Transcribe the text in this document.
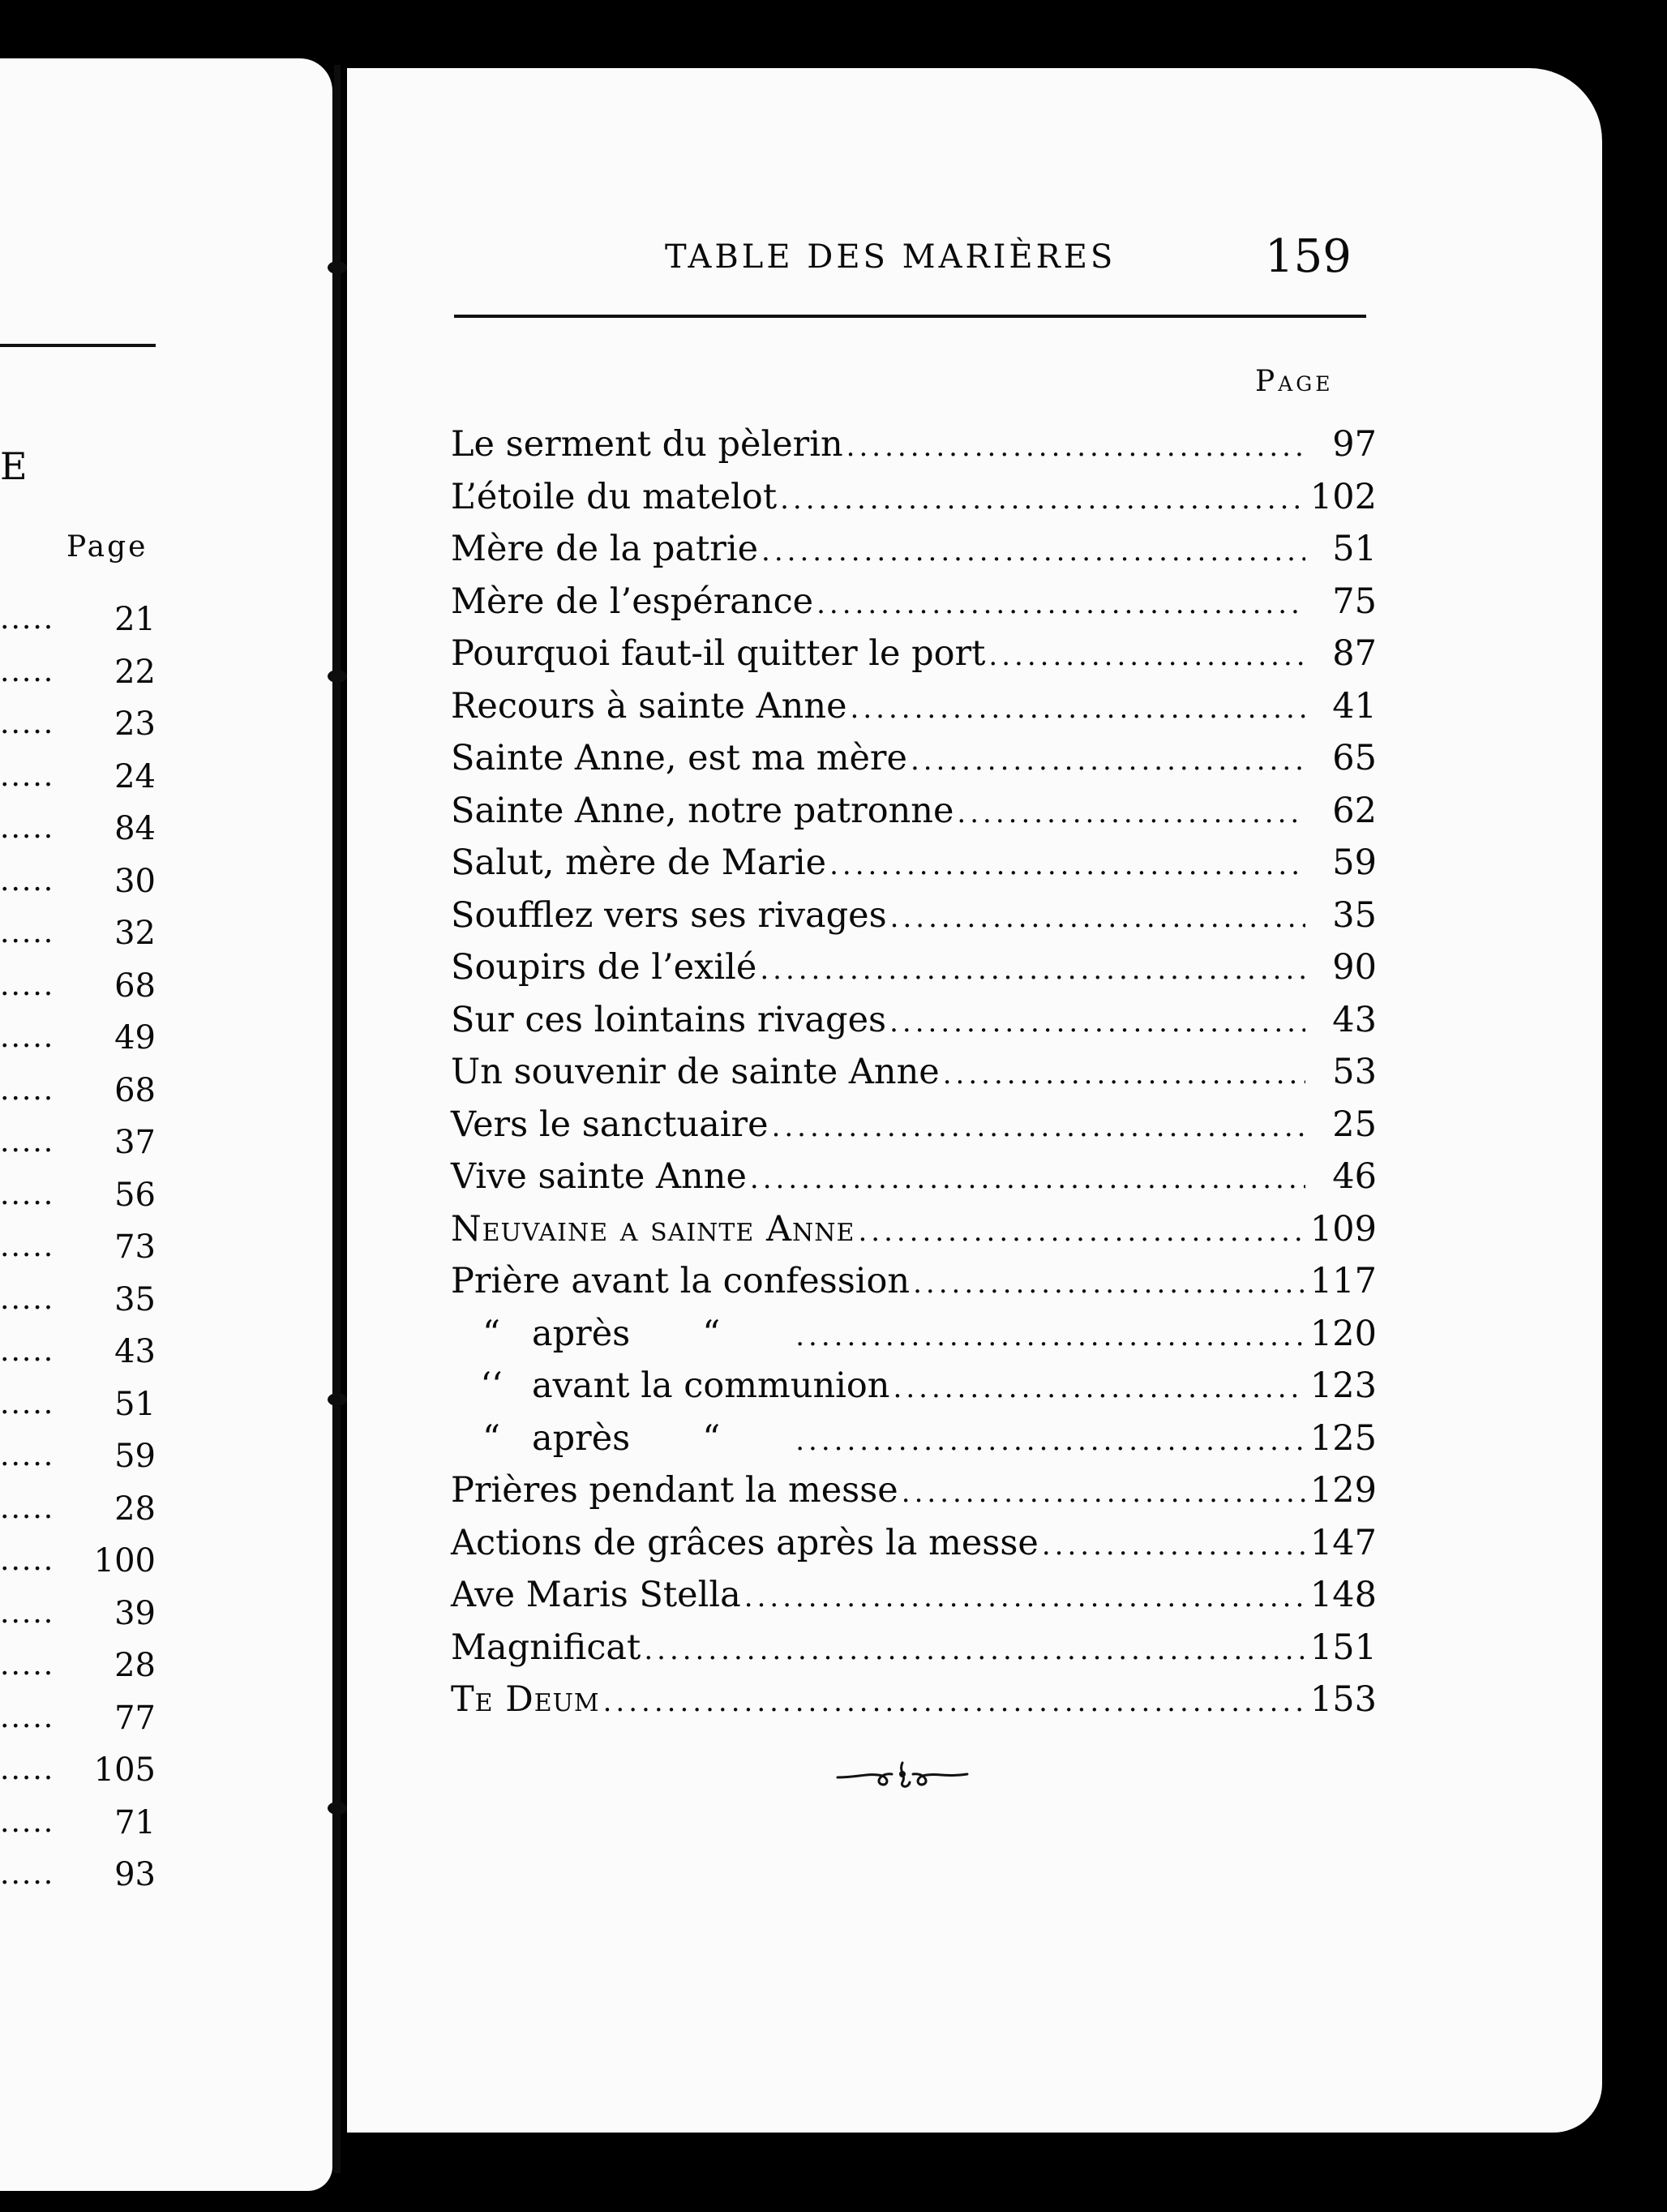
E
Page
.....	21
.....	22
.....	23
.....	24
.....	84
.....	30
.....	32
.....	68
.....	49
.....	68
.....	37
.....	56
.....	73
.....	35
.....	43
.....	51
.....	59
.....	28
..... 100
.....	39
.....	28
.....	77
..... 105
.....	71
.....	93
TABLE DES MARIÈRES	159
Page
Le serment du pèlerin .....	97
L’étoile du matelot .....	102
Mère de la patrie .....	51
Mère de l’espérance .....	75
Pourquoi faut-il quitter le port .....	87
Recours à sainte Anne .....	41
Sainte Anne, est ma mère .....	65
Sainte Anne, notre patronne .....	62
Salut, mère de Marie .....	59
Soufflez vers ses rivages .....	35
Soupirs de l’exilé .....	90
Sur ces lointains rivages .....	43
Un souvenir de sainte Anne .....	53
Vers le sanctuaire .....	25
Vive sainte Anne .....	46
Neuvaine a sainte Anne .....	109
Prière avant la confession .....	117
“ après “ .....	120
‘‘ avant la communion .....	123
“ après “ .....	125
Prières pendant la messe .....	129
Actions de grâces après la messe .....	147
Ave Maris Stella .....	148
Magnificat .....	151
Te Deum .....	153
